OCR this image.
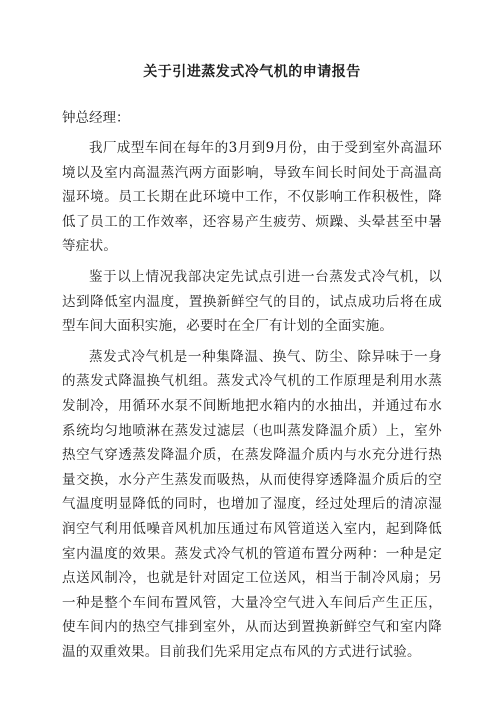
关于引进蒸发式冷气机的申请报告

钟总经理：

我厂成型车间在每年的3月到9月份，由于受到室外高温环境以及室内高温蒸汽两方面影响，导致车间长时间处于高温高湿环境。员工长期在此环境中工作，不仅影响工作积极性，降低了员工的工作效率，还容易产生疲劳、烦躁、头晕甚至中暑等症状。

鉴于以上情况我部决定先试点引进一台蒸发式冷气机，以达到降低室内温度，置换新鲜空气的目的，试点成功后将在成型车间大面积实施，必要时在全厂有计划的全面实施。

蒸发式冷气机是一种集降温、换气、防尘、除异味于一身的蒸发式降温换气机组。蒸发式冷气机的工作原理是利用水蒸发制冷，用循环水泵不间断地把水箱内的水抽出，并通过布水系统均匀地喷淋在蒸发过滤层（也叫蒸发降温介质）上，室外热空气穿透蒸发降温介质，在蒸发降温介质内与水充分进行热量交换，水分产生蒸发而吸热，从而使得穿透降温介质后的空气温度明显降低的同时，也增加了湿度，经过处理后的清凉湿润空气利用低噪音风机加压通过布风管道送入室内，起到降低室内温度的效果。蒸发式冷气机的管道布置分两种：一种是定点送风制冷，也就是针对固定工位送风，相当于制冷风扇；另一种是整个车间布置风管，大量冷空气进入车间后产生正压，使车间内的热空气排到室外，从而达到置换新鲜空气和室内降温的双重效果。目前我们先采用定点布风的方式进行试验。
